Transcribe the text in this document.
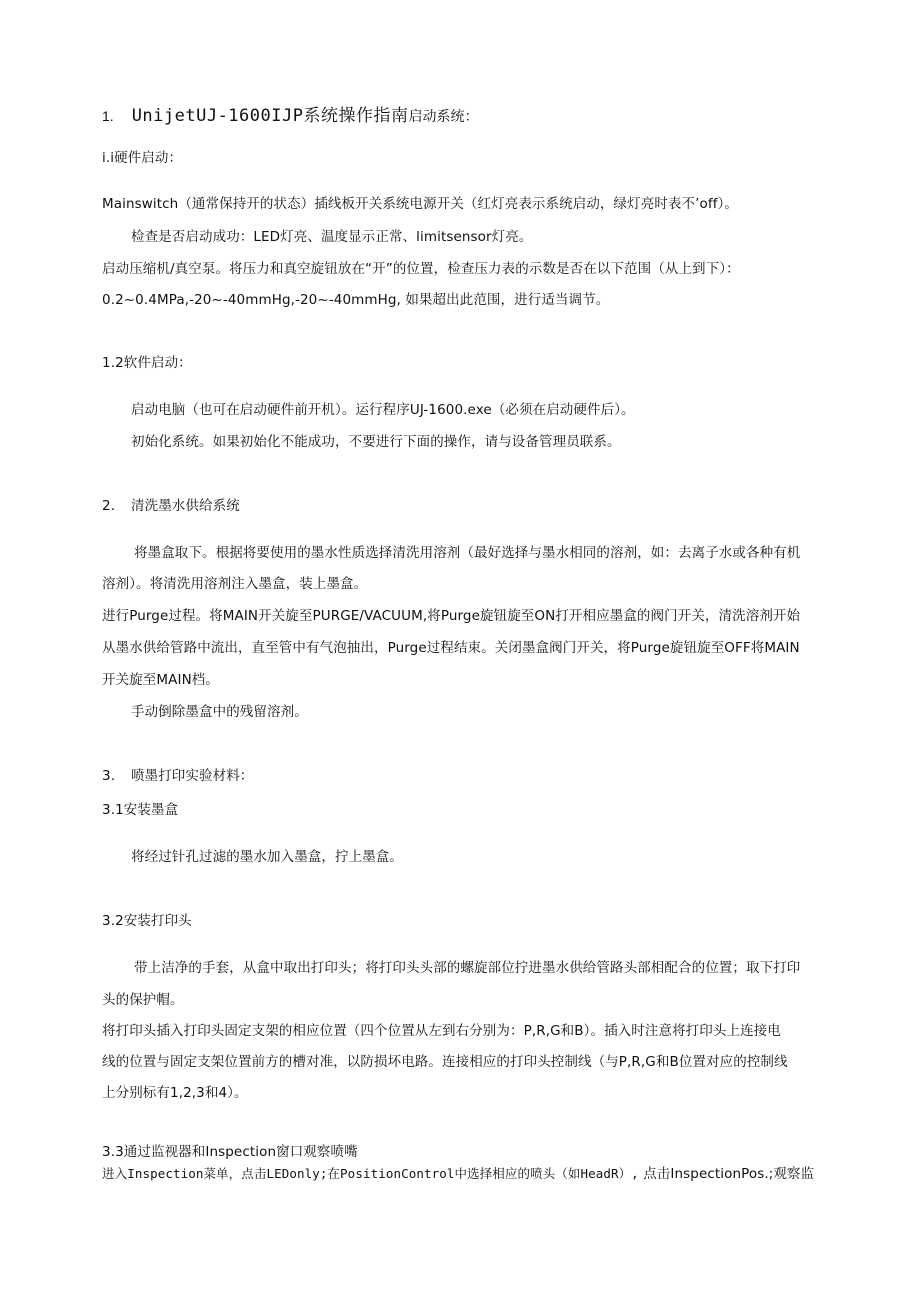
1. UnijetUJ-1600IJP系统操作指南启动系统：

i.i硬件启动：

Mainswitch（通常保持开的状态）插线板开关系统电源开关（红灯亮表示系统启动，绿灯亮时表不’off）。

检查是否启动成功：LED灯亮、温度显示正常、limitsensor灯亮。

启动压缩机/真空泵。将压力和真空旋钮放在“开”的位置，检查压力表的示数是否在以下范围（从上到下）：

0.2~0.4MPa,-20~-40mmHg,-20~-40mmHg, 如果超出此范围，进行适当调节。

1.2软件启动：

启动电脑（也可在启动硬件前开机）。运行程序UJ-1600.exe（必须在启动硬件后）。

初始化系统。如果初始化不能成功，不要进行下面的操作，请与设备管理员联系。

2. 清洗墨水供给系统

将墨盒取下。根据将要使用的墨水性质选择清洗用溶剂（最好选择与墨水相同的溶剂，如：去离子水或各种有机

溶剂）。将清洗用溶剂注入墨盒，装上墨盒。

进行Purge过程。将MAIN开关旋至PURGE/VACUUM,将Purge旋钮旋至ON打开相应墨盒的阀门开关，清洗溶剂开始

从墨水供给管路中流出，直至管中有气泡抽出，Purge过程结束。关闭墨盒阀门开关，将Purge旋钮旋至OFF将MAIN

开关旋至MAIN档。

手动倒除墨盒中的残留溶剂。

3. 喷墨打印实验材料：

3.1安装墨盒

将经过针孔过滤的墨水加入墨盒，拧上墨盒。

3.2安装打印头

带上洁净的手套，从盒中取出打印头；将打印头头部的螺旋部位拧进墨水供给管路头部相配合的位置；取下打印

头的保护帽。

将打印头插入打印头固定支架的相应位置（四个位置从左到右分别为：P,R,G和B）。插入时注意将打印头上连接电

线的位置与固定支架位置前方的槽对准，以防损坏电路。连接相应的打印头控制线（与P,R,G和B位置对应的控制线

上分别标有1,2,3和4）。

3.3通过监视器和Inspection窗口观察喷嘴

进入Inspection菜单，点击LEDonly;在PositionControl中选择相应的喷头（如HeadR）, 点击InspectionPos.;观察监
